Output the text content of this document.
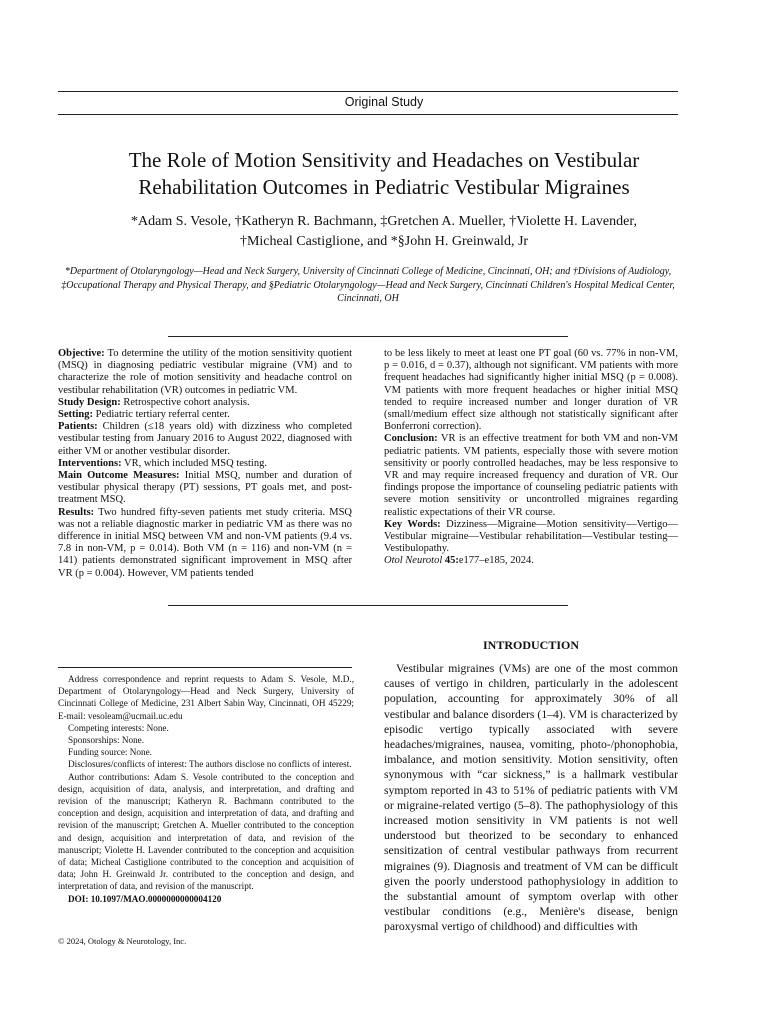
Original Study
The Role of Motion Sensitivity and Headaches on Vestibular
Rehabilitation Outcomes in Pediatric Vestibular Migraines
*Adam S. Vesole, †Katheryn R. Bachmann, ‡Gretchen A. Mueller, †Violette H. Lavender,
†Micheal Castiglione, and *§John H. Greinwald, Jr
*Department of Otolaryngology—Head and Neck Surgery, University of Cincinnati College of Medicine, Cincinnati, OH; and †Divisions of Audiology, ‡Occupational Therapy and Physical Therapy, and §Pediatric Otolaryngology—Head and Neck Surgery, Cincinnati Children's Hospital Medical Center, Cincinnati, OH

Objective: To determine the utility of the motion sensitivity quotient (MSQ) in diagnosing pediatric vestibular migraine (VM) and to characterize the role of motion sensitivity and headache control on vestibular rehabilitation (VR) outcomes in pediatric VM.

Study Design: Retrospective cohort analysis.

Setting: Pediatric tertiary referral center.

Patients: Children (≤18 years old) with dizziness who completed vestibular testing from January 2016 to August 2022, diagnosed with either VM or another vestibular disorder.

Interventions: VR, which included MSQ testing.

Main Outcome Measures: Initial MSQ, number and duration of vestibular physical therapy (PT) sessions, PT goals met, and post-treatment MSQ.

Results: Two hundred fifty-seven patients met study criteria. MSQ was not a reliable diagnostic marker in pediatric VM as there was no difference in initial MSQ between VM and non-VM patients (9.4 vs. 7.8 in non-VM, p = 0.014). Both VM (n = 116) and non-VM (n = 141) patients demonstrated significant improvement in MSQ after VR (p = 0.004). However, VM patients tended

to be less likely to meet at least one PT goal (60 vs. 77% in non-VM, p = 0.016, d = 0.37), although not significant. VM patients with more frequent headaches had significantly higher initial MSQ (p = 0.008). VM patients with more frequent headaches or higher initial MSQ tended to require increased number and longer duration of VR (small/medium effect size although not statistically significant after Bonferroni correction).

Conclusion: VR is an effective treatment for both VM and non-VM pediatric patients. VM patients, especially those with severe motion sensitivity or poorly controlled headaches, may be less responsive to VR and may require increased frequency and duration of VR. Our findings propose the importance of counseling pediatric patients with severe motion sensitivity or uncontrolled migraines regarding realistic expectations of their VR course.

Key Words: Dizziness—Migraine—Motion sensitivity—Vertigo—Vestibular migraine—Vestibular rehabilitation—Vestibular testing—Vestibulopathy.

Otol Neurotol 45:e177–e185, 2024.

Address correspondence and reprint requests to Adam S. Vesole, M.D., Department of Otolaryngology—Head and Neck Surgery, University of Cincinnati College of Medicine, 231 Albert Sabin Way, Cincinnati, OH 45229; E-mail: vesoleam@ucmail.uc.edu

Competing interests: None.

Sponsorships: None.

Funding source: None.

Disclosures/conflicts of interest: The authors disclose no conflicts of interest.

Author contributions: Adam S. Vesole contributed to the conception and design, acquisition of data, analysis, and interpretation, and drafting and revision of the manuscript; Katheryn R. Bachmann contributed to the conception and design, acquisition and interpretation of data, and drafting and revision of the manuscript; Gretchen A. Mueller contributed to the conception and design, acquisition and interpretation of data, and revision of the manuscript; Violette H. Lavender contributed to the conception and acquisition of data; Micheal Castiglione contributed to the conception and acquisition of data; John H. Greinwald Jr. contributed to the conception and design, and interpretation of data, and revision of the manuscript.

DOI: 10.1097/MAO.0000000000004120

© 2024, Otology & Neurotology, Inc.
INTRODUCTION

Vestibular migraines (VMs) are one of the most common causes of vertigo in children, particularly in the adolescent population, accounting for approximately 30% of all vestibular and balance disorders (1–4). VM is characterized by episodic vertigo typically associated with severe headaches/migraines, nausea, vomiting, photo-/phonophobia, imbalance, and motion sensitivity. Motion sensitivity, often synonymous with “car sickness,” is a hallmark vestibular symptom reported in 43 to 51% of pediatric patients with VM or migraine-related vertigo (5–8). The pathophysiology of this increased motion sensitivity in VM patients is not well understood but theorized to be secondary to enhanced sensitization of central vestibular pathways from recurrent migraines (9). Diagnosis and treatment of VM can be difficult given the poorly understood pathophysiology in addition to the substantial amount of symptom overlap with other vestibular conditions (e.g., Menière's disease, benign paroxysmal vertigo of childhood) and difficulties with
